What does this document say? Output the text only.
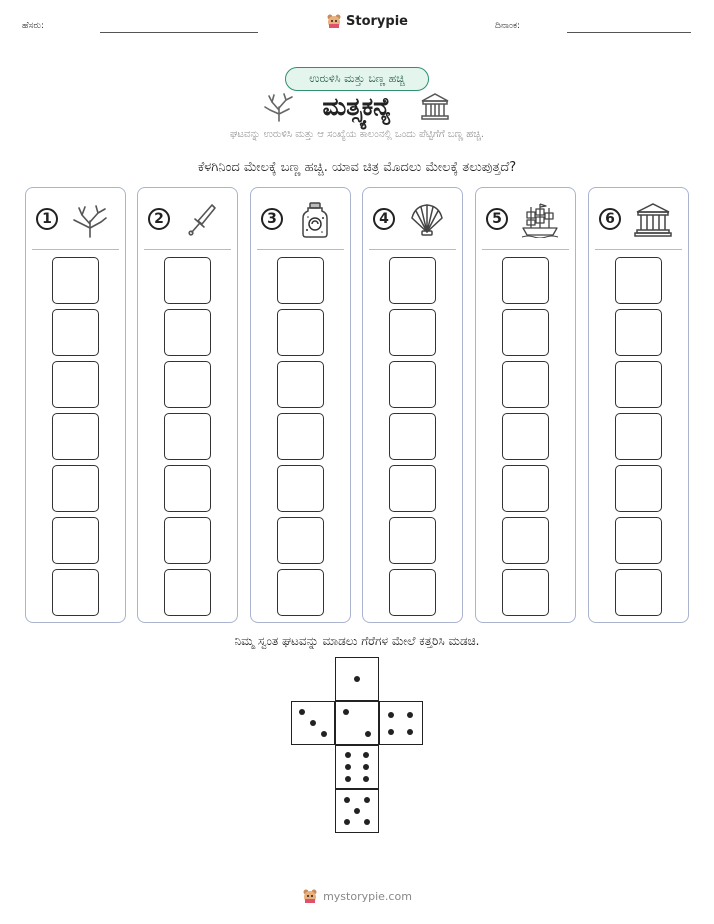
ಹೆಸರು:	Storypie	ದಿನಾಂಕ:
ಉರುಳಿಸಿ ಮತ್ತು ಬಣ್ಣ ಹಚ್ಚಿ
ಮತ್ಸ್ಯಕನ್ಯೆ
ಘಟವನ್ನು ಉರುಳಿಸಿ ಮತ್ತು ಆ ಸಂಖ್ಯೆಯ ಕಾಲಂನಲ್ಲಿ ಒಂದು ಪೆಟ್ಟಿಗೆಗೆ ಬಣ್ಣ ಹಚ್ಚಿ.
ಕೆಳಗಿನಿಂದ ಮೇಲಕ್ಕೆ ಬಣ್ಣ ಹಚ್ಚಿ. ಯಾವ ಚಿತ್ರ ಮೊದಲು ಮೇಲಕ್ಕೆ ತಲುಪುತ್ತದೆ?
1	2	3	4	5	6
ನಿಮ್ಮ ಸ್ವಂತ ಘಟವನ್ನು ಮಾಡಲು ಗೆರೆಗಳ ಮೇಲೆ ಕತ್ತರಿಸಿ ಮಡಚಿ.
mystorypie.com
